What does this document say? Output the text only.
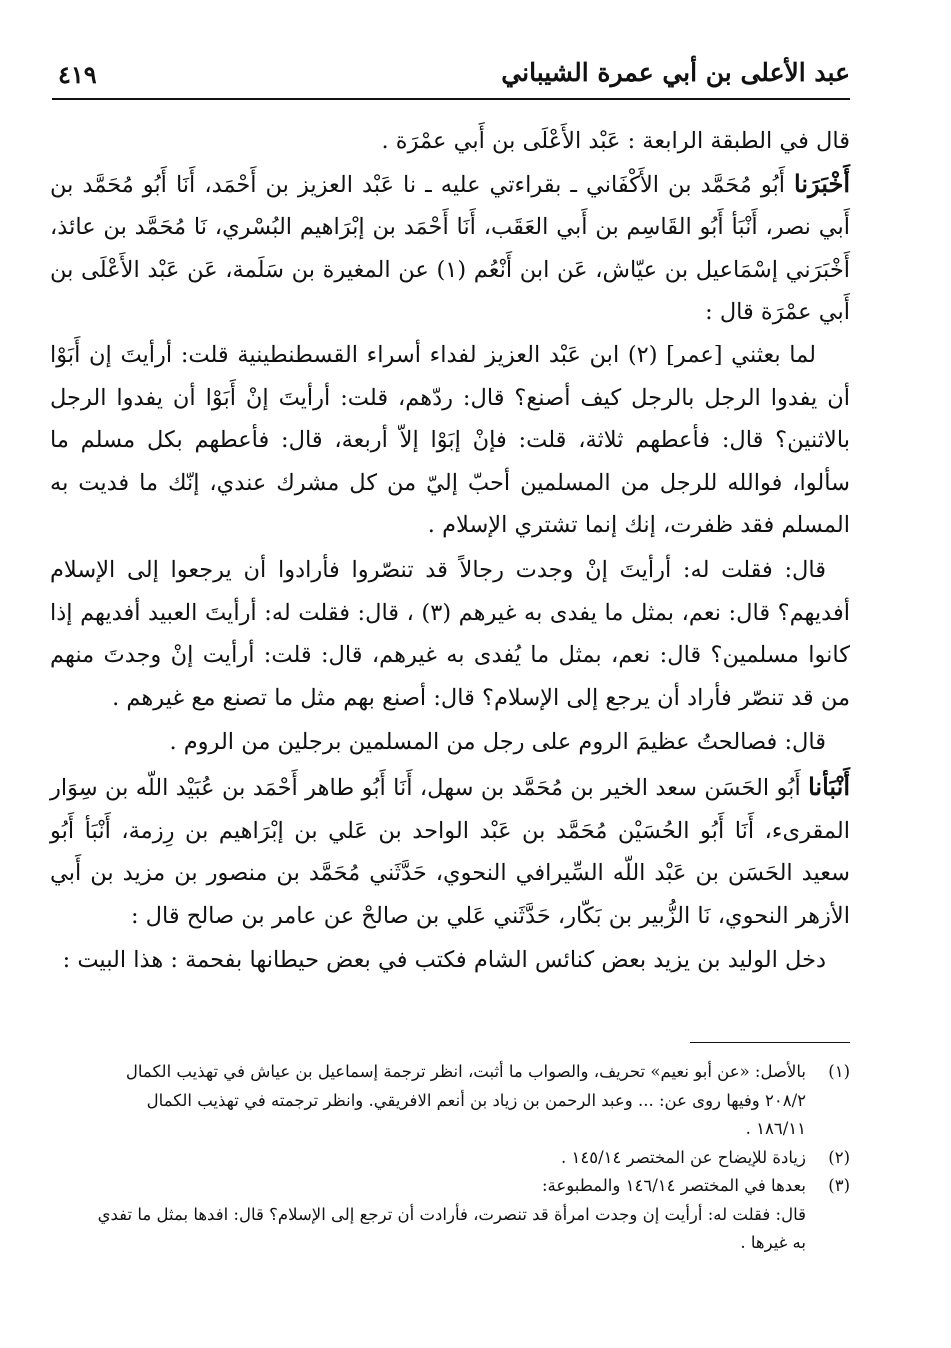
عبد الأعلى بن أبي عمرة الشيباني
٤١٩

قال في الطبقة الرابعة : عَبْد الأَعْلَى بن أَبي عمْرَة .

أَخْبَرَنا أَبُو مُحَمَّد بن الأَكْفَاني ـ بقراءتي عليه ـ نا عَبْد العزيز بن أَحْمَد، أَنَا أَبُو مُحَمَّد بن أَبي نصر، أَنْبَأ أَبُو القَاسِم بن أَبي العَقَب، أَنَا أَحْمَد بن إبْرَاهيم البُسْري، نَا مُحَمَّد بن عائذ، أَخْبَرَني إسْمَاعيل بن عيّاش، عَن ابن أَنْعُم (١) عن المغيرة بن سَلَمة، عَن عَبْد الأَعْلَى بن أَبي عمْرَة قال :

لما بعثني [عمر] (٢) ابن عَبْد العزيز لفداء أسراء القسطنطينية قلت: أرأيتَ إن أَبَوْا أن يفدوا الرجل بالرجل كيف أصنع؟ قال: ردّهم، قلت: أرأيتَ إنْ أَبَوْا أن يفدوا الرجل بالاثنين؟ قال: فأعطهم ثلاثة، قلت: فإنْ إبَوْا إلاّ أربعة، قال: فأعطهم بكل مسلم ما سألوا، فوالله للرجل من المسلمين أحبّ إليّ من كل مشرك عندي، إنّك ما فديت به المسلم فقد ظفرت، إنك إنما تشتري الإسلام .

قال: فقلت له: أرأيتَ إنْ وجدت رجالاً قد تنصّروا فأرادوا أن يرجعوا إلى الإسلام أفديهم؟ قال: نعم، بمثل ما يفدى به غيرهم (٣) ، قال: فقلت له: أرأيتَ العبيد أفديهم إذا كانوا مسلمين؟ قال: نعم، بمثل ما يُفدى به غيرهم، قال: قلت: أرأيت إنْ وجدتَ منهم من قد تنصّر فأراد أن يرجع إلى الإسلام؟ قال: أصنع بهم مثل ما تصنع مع غيرهم .

قال: فصالحتُ عظيمَ الروم على رجل من المسلمين برجلين من الروم .

أَنْبَأنا أَبُو الحَسَن سعد الخير بن مُحَمَّد بن سهل، أَنَا أَبُو طاهر أَحْمَد بن عُبَيْد اللّه بن سِوَار المقرىء، أَنَا أَبُو الحُسَيْن مُحَمَّد بن عَبْد الواحد بن عَلي بن إبْرَاهيم بن رِزمة، أَنْبَأ أَبُو سعيد الحَسَن بن عَبْد اللّه السِّيرافي النحوي، حَدَّثَني مُحَمَّد بن منصور بن مزيد بن أَبي الأزهر النحوي، نَا الزُّبير بن بَكّار، حَدَّثَني عَلي بن صالحْ عن عامر بن صالح قال :

دخل الوليد بن يزيد بعض كنائس الشام فكتب في بعض حيطانها بفحمة : هذا البيت :

(١)
بالأصل: «عن أبو نعيم» تحريف، والصواب ما أثبت، انظر ترجمة إسماعيل بن عياش في تهذيب الكمال
٢٠٨/٢ وفيها روى عن: ... وعبد الرحمن بن زياد بن أنعم الافريقي. وانظر ترجمته في تهذيب الكمال
١٨٦/١١ .
(٢)
زيادة للإيضاح عن المختصر ١٤٥/١٤ .
(٣)
بعدها في المختصر ١٤٦/١٤ والمطبوعة:
قال: فقلت له: أرأيت إن وجدت امرأة قد تنصرت، فأرادت أن ترجع إلى الإسلام؟ قال: افدها بمثل ما تفدي
به غيرها .
